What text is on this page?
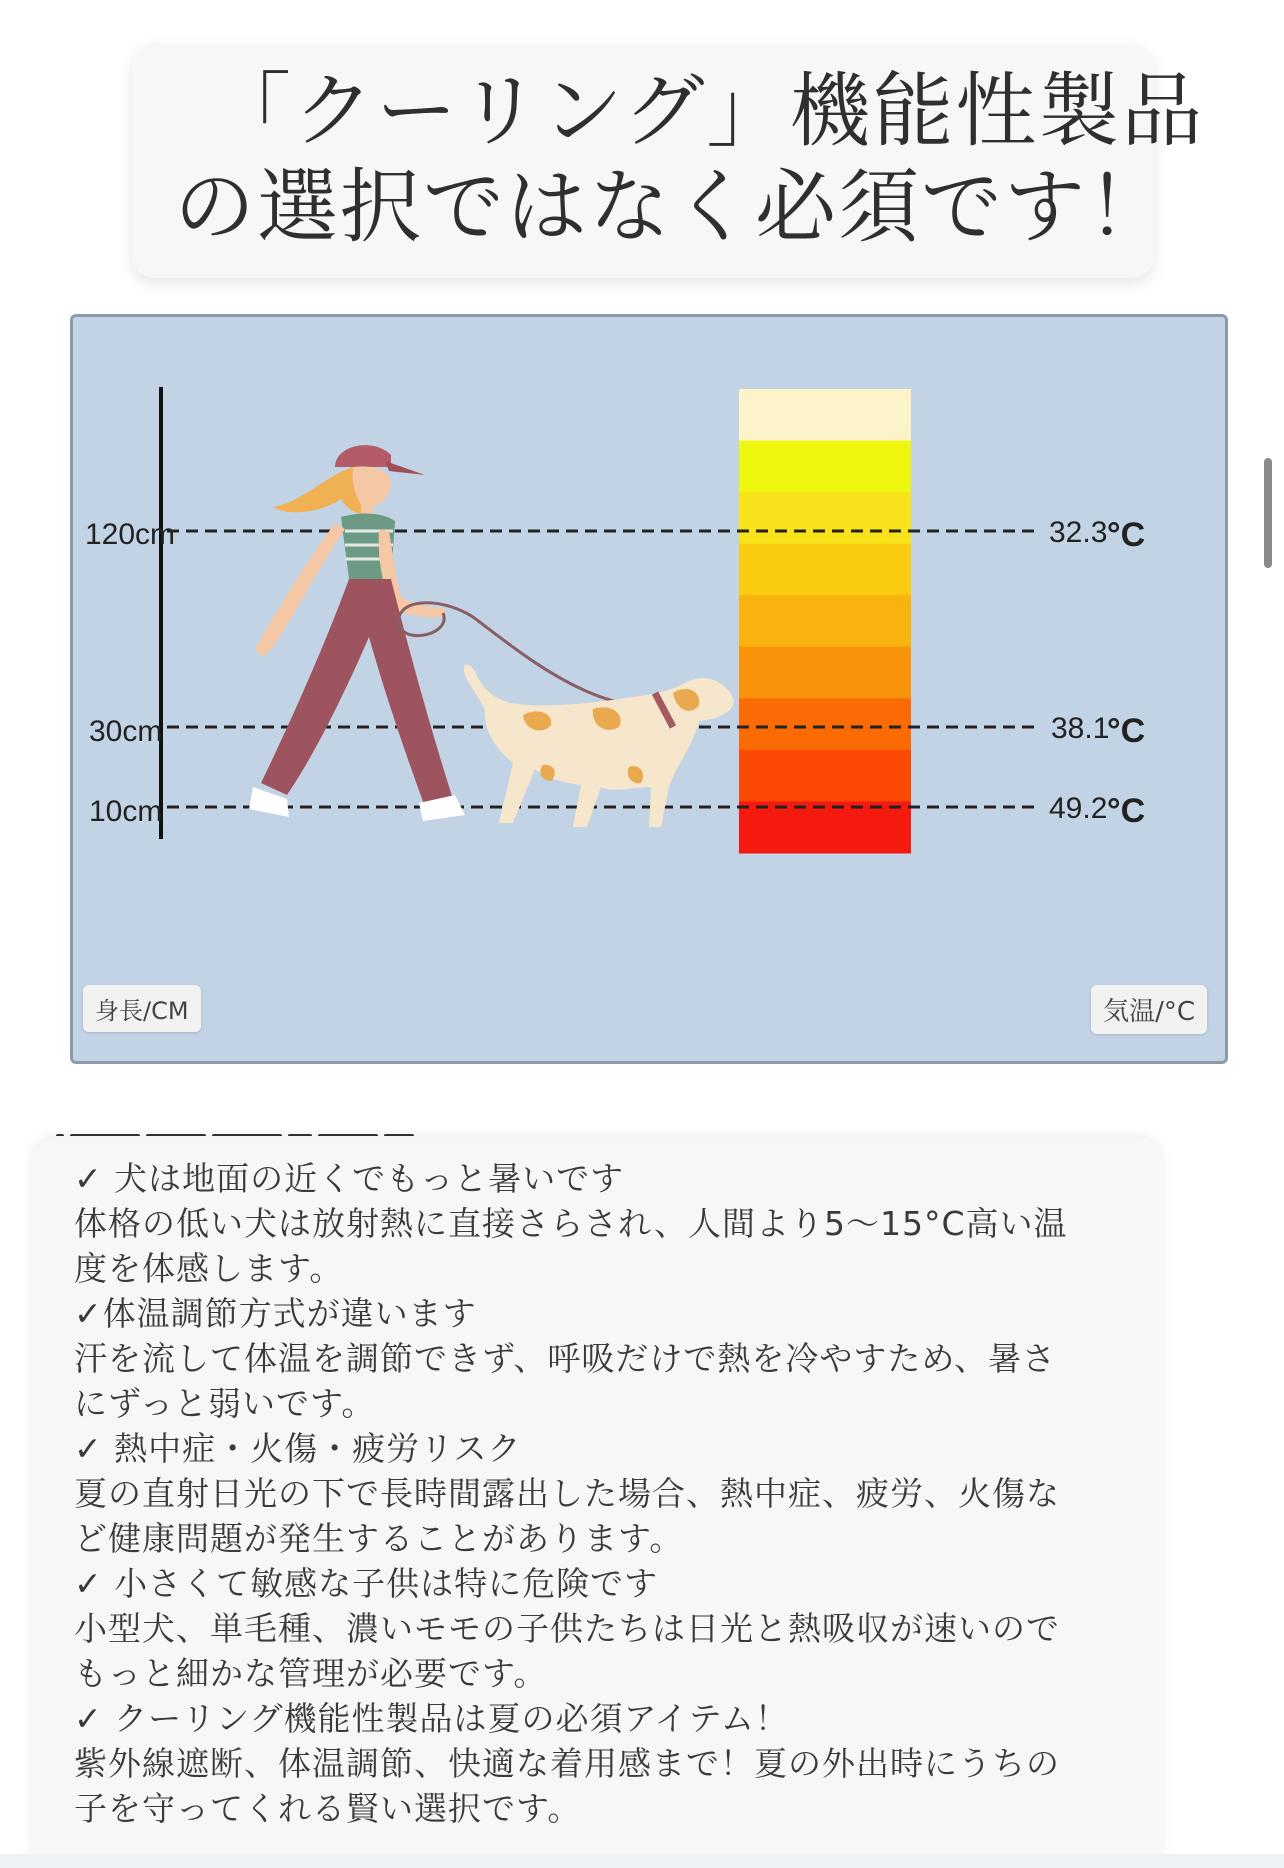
「クーリング」機能性製品
の選択ではなく必須です！
120cm
30cm
10cm
32.3 °C
38.1
°C
49.2 °C
身長/CM	気温/°C
✓ 犬は地面の近くでもっと暑いです
体格の低い犬は放射熱に直接さらされ、人間より5〜15°C高い温
度を体感します。
✓体温調節方式が違います
汗を流して体温を調節できず、呼吸だけで熱を冷やすため、暑さ
にずっと弱いです。
✓ 熱中症・火傷・疲労リスク
夏の直射日光の下で長時間露出した場合、熱中症、疲労、火傷な
ど健康問題が発生することがあります。
✓ 小さくて敏感な子供は特に危険です
小型犬、単毛種、濃いモモの子供たちは日光と熱吸収が速いので
もっと細かな管理が必要です。
✓ クーリング機能性製品は夏の必須アイテム！
紫外線遮断、体温調節、快適な着用感まで！夏の外出時にうちの
子を守ってくれる賢い選択です。
